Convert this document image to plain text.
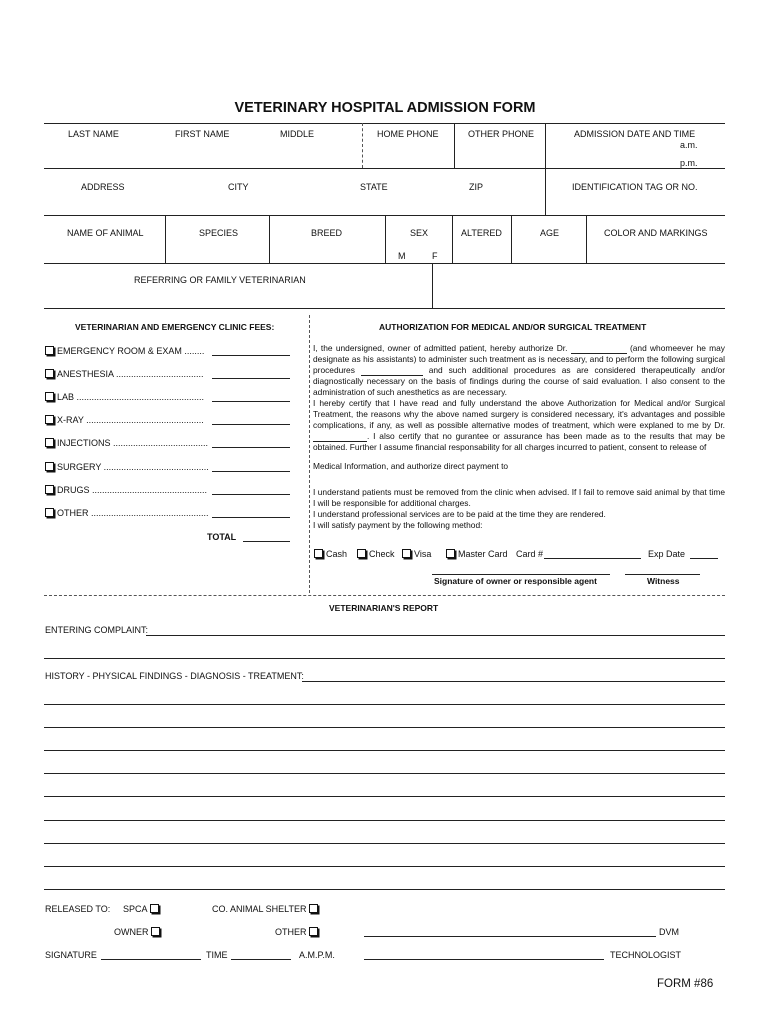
VETERINARY HOSPITAL ADMISSION FORM
LAST NAME	FIRST NAME	MIDDLE	HOME PHONE	OTHER PHONE	ADMISSION DATE AND TIME
a.m.
p.m.
ADDRESS	CITY	STATE	ZIP	IDENTIFICATION TAG OR NO.
NAME OF ANIMAL	SPECIES	BREED	SEX	ALTERED	AGE	COLOR AND MARKINGS
M	F
REFERRING OR FAMILY VETERINARIAN
VETERINARIAN AND EMERGENCY CLINIC FEES:
EMERGENCY ROOM & EXAM ........
ANESTHESIA ...................................
LAB ...................................................
X-RAY ...............................................
INJECTIONS ......................................
SURGERY ..........................................
DRUGS ..............................................
OTHER ...............................................
TOTAL
AUTHORIZATION FOR MEDICAL AND/OR SURGICAL TREATMENT

I, the undersigned, owner of admitted patient, hereby authorize Dr.	(and whomeever he may designate as his assistants) to administer such treatment as is necessary, and to perform the following surgical procedures	and such additional procedures as are considered therapeutically and/or diagnostically necessary on the basis of findings during the course of said evaluation. I also consent to the administration of such anesthetics as are necessary.

I hereby certify that I have read and fully understand the above Authorization for Medical and/or Surgical Treatment, the reasons why the above named surgery is considered necessary, it's advantages and possible complications, if any, as well as possible alternative modes of treatment, which were explaned to me by Dr. . I also certify that no gurantee or assurance has been made as to the results that may be obtained. Further I assume financial responsability for all charges incurred to patient, consent to release of

Medical Information, and authorize direct payment to

I understand patients must be removed from the clinic when advised. If I fail to remove said animal by that time I will be responsible for additional charges.

I understand professional services are to be paid at the time they are rendered.

I will satisfy payment by the following method:

Cash	Check	Visa	Master Card Card #	Exp Date
Signature of owner or responsible agent	Witness
VETERINARIAN'S REPORT
ENTERING COMPLAINT:
HISTORY - PHYSICAL FINDINGS - DIAGNOSIS - TREATMENT:
RELEASED TO: SPCA	CO. ANIMAL SHELTER
OWNER	OTHER	DVM
SIGNATURE	TIME	A.M.P.M.	TECHNOLOGIST
FORM #86
